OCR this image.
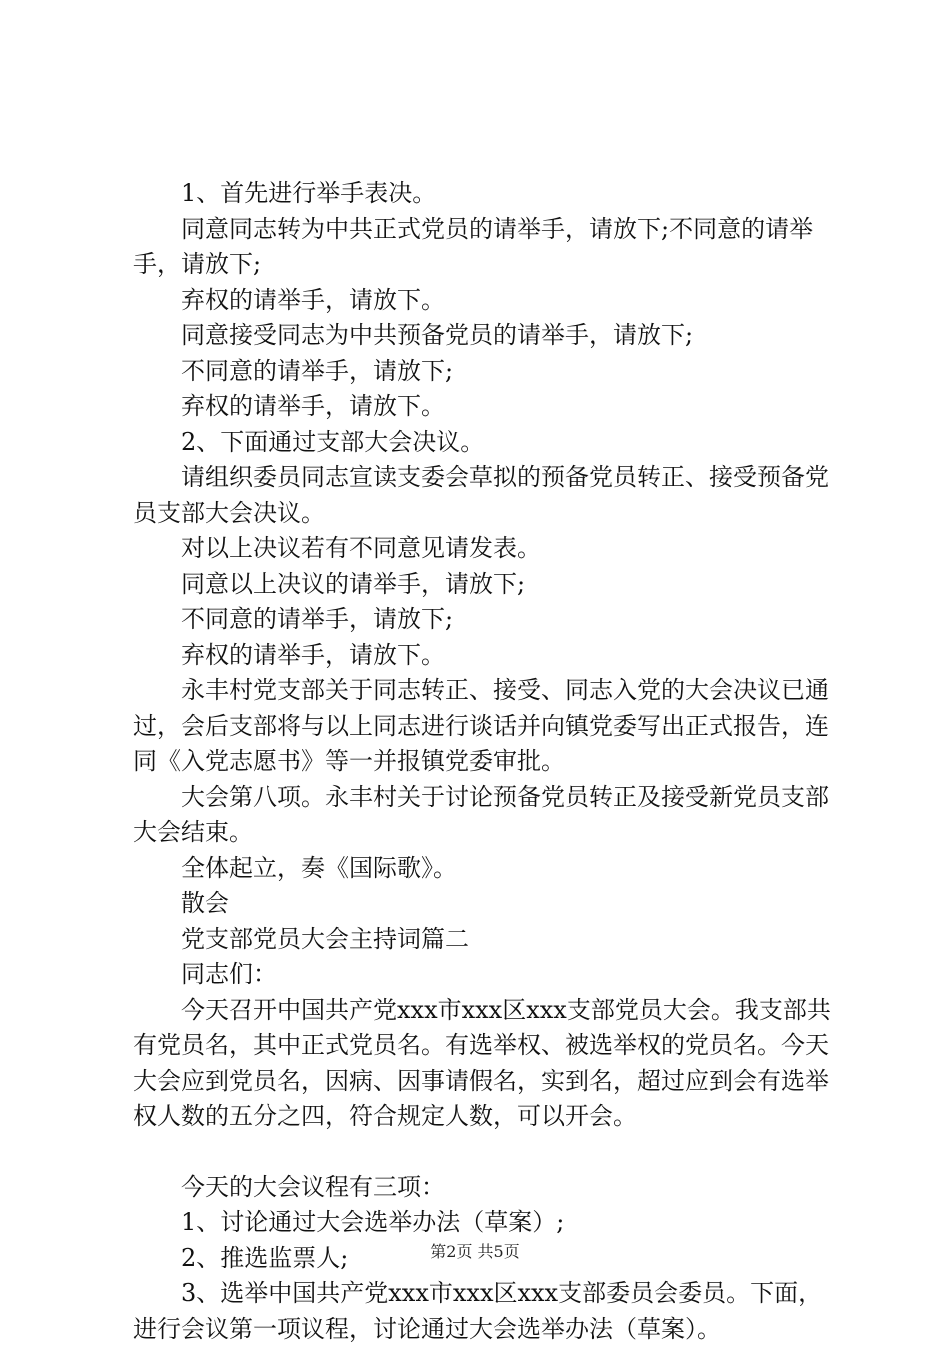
1、首先进行举手表决。

同意同志转为中共正式党员的请举手，请放下;不同意的请举手，请放下;

弃权的请举手，请放下。

同意接受同志为中共预备党员的请举手，请放下;

不同意的请举手，请放下;

弃权的请举手，请放下。

2、下面通过支部大会决议。

请组织委员同志宣读支委会草拟的预备党员转正、接受预备党员支部大会决议。

对以上决议若有不同意见请发表。

同意以上决议的请举手，请放下;

不同意的请举手，请放下;

弃权的请举手，请放下。

永丰村党支部关于同志转正、接受、同志入党的大会决议已通过，会后支部将与以上同志进行谈话并向镇党委写出正式报告，连同《入党志愿书》等一并报镇党委审批。

大会第八项。永丰村关于讨论预备党员转正及接受新党员支部大会结束。

全体起立，奏《国际歌》。

散会

党支部党员大会主持词篇二

同志们：

今天召开中国共产党xxx市xxx区xxx支部党员大会。我支部共有党员名，其中正式党员名。有选举权、被选举权的党员名。今天大会应到党员名，因病、因事请假名，实到名，超过应到会有选举权人数的五分之四，符合规定人数，可以开会。

今天的大会议程有三项：

1、讨论通过大会选举办法（草案）;

2、推选监票人;

3、选举中国共产党xxx市xxx区xxx支部委员会委员。下面，进行会议第一项议程，讨论通过大会选举办法（草案）。

第2页 共5页
